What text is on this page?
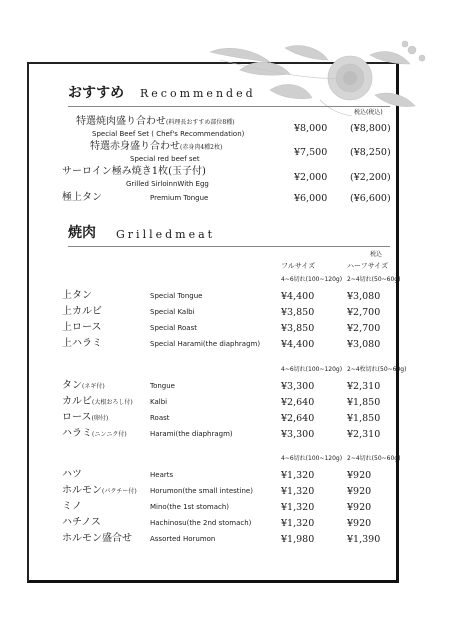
おすすめ Recommended
税込(税込)
特選焼肉盛り合わせ(料理長おすすめ部位8種)
Special Beef Set ( Chef's Recommendation)	¥8,000 (¥8,800)
特選赤身盛り合わせ(赤身肉4種2枚)
Special red beef set
¥7,500 (¥8,250)
サーロイン極み焼き1枚(玉子付)
Grilled SirloinnWith Egg
¥2,000 (¥2,200)
極上タン	Premium Tongue	¥6,000 (¥6,600)
焼肉 Grilledmeat
税込
フルサイズ	ハーフサイズ
4~6切れ(100~120g) 2~4切れ(50~60g)
上タン	Special Tongue	¥4,400	¥3,080
上カルビ	Special Kalbi	¥3,850	¥2,700
上ロース	Special Roast	¥3,850	¥2,700
上ハラミ	Special Harami(the diaphragm) ¥4,400	¥3,080
4~6切れ(100~120g) 2~4枚切れ(50~60g)
タン(ネギ付)	Tongue	¥3,300	¥2,310
カルビ(大根おろし付) Kalbi	¥2,640	¥1,850
ロース(卵付)	Roast	¥2,640	¥1,850
ハラミ(ニンニク付)	Harami(the diaphragm)	¥3,300	¥2,310
4~6切れ(100~120g) 2~4切れ(50~60g)
ハツ	Hearts	¥1,320	¥920
ホルモン(パクチー付) Horumon(the small intestine)	¥1,320	¥920
ミノ	Mino(the 1st stomach)	¥1,320	¥920
ハチノス	Hachinosu(the 2nd stomach)	¥1,320	¥920
ホルモン盛合せ	Assorted Horumon	¥1,980	¥1,390
